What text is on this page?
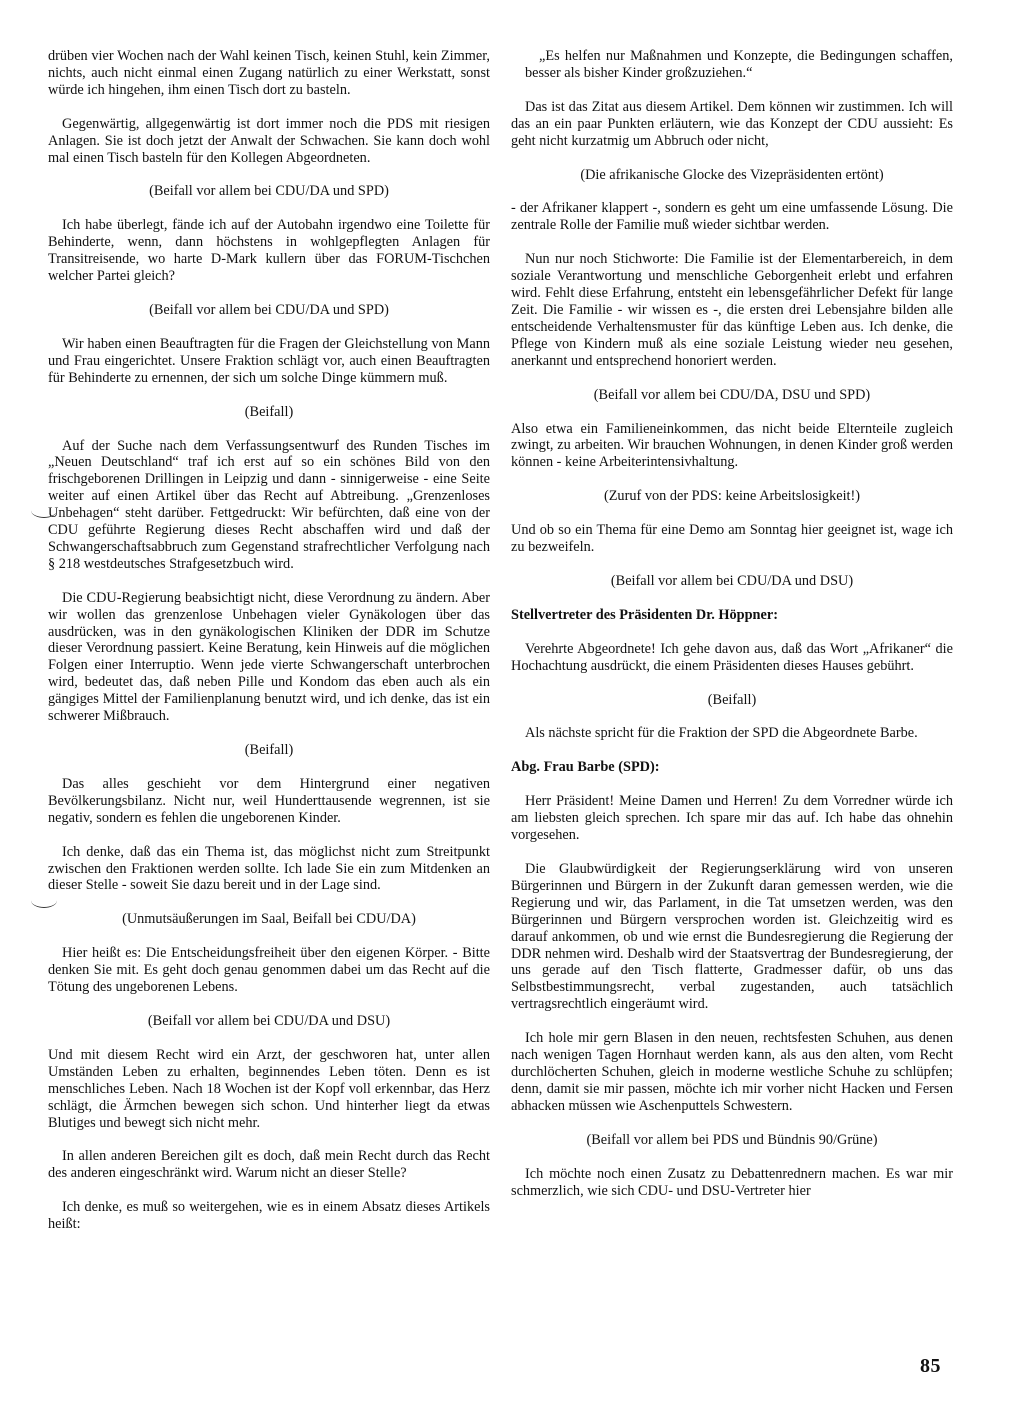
drüben vier Wochen nach der Wahl keinen Tisch, keinen Stuhl, kein Zimmer, nichts, auch nicht einmal einen Zugang natürlich zu einer Werkstatt, sonst würde ich hingehen, ihm einen Tisch dort zu basteln.

Gegenwärtig, allgegenwärtig ist dort immer noch die PDS mit riesigen Anlagen. Sie ist doch jetzt der Anwalt der Schwachen. Sie kann doch wohl mal einen Tisch basteln für den Kollegen Abgeordneten.

(Beifall vor allem bei CDU/DA und SPD)

Ich habe überlegt, fände ich auf der Autobahn irgendwo eine Toilette für Behinderte, wenn, dann höchstens in wohlgepflegten Anlagen für Transitreisende, wo harte D-Mark kullern über das FORUM-Tischchen welcher Partei gleich?

(Beifall vor allem bei CDU/DA und SPD)

Wir haben einen Beauftragten für die Fragen der Gleichstellung von Mann und Frau eingerichtet. Unsere Fraktion schlägt vor, auch einen Beauftragten für Behinderte zu ernennen, der sich um solche Dinge kümmern muß.

(Beifall)

Auf der Suche nach dem Verfassungsentwurf des Runden Tisches im „Neuen Deutschland“ traf ich erst auf so ein schönes Bild von den frischgeborenen Drillingen in Leipzig und dann - sinnigerweise - eine Seite weiter auf einen Artikel über das Recht auf Abtreibung. „Grenzenloses Unbehagen“ steht darüber. Fettgedruckt: Wir befürchten, daß eine von der CDU geführte Regierung dieses Recht abschaffen wird und daß der Schwangerschaftsabbruch zum Gegenstand strafrechtlicher Verfolgung nach § 218 westdeutsches Strafgesetzbuch wird.

Die CDU-Regierung beabsichtigt nicht, diese Verordnung zu ändern. Aber wir wollen das grenzenlose Unbehagen vieler Gynäkologen über das ausdrücken, was in den gynäkologischen Kliniken der DDR im Schutze dieser Verordnung passiert. Keine Beratung, kein Hinweis auf die möglichen Folgen einer Interruptio. Wenn jede vierte Schwangerschaft unterbrochen wird, bedeutet das, daß neben Pille und Kondom das eben auch als ein gängiges Mittel der Familienplanung benutzt wird, und ich denke, das ist ein schwerer Mißbrauch.

(Beifall)

Das alles geschieht vor dem Hintergrund einer negativen Bevölkerungsbilanz. Nicht nur, weil Hunderttausende wegrennen, ist sie negativ, sondern es fehlen die ungeborenen Kinder.

Ich denke, daß das ein Thema ist, das möglichst nicht zum Streitpunkt zwischen den Fraktionen werden sollte. Ich lade Sie ein zum Mitdenken an dieser Stelle - soweit Sie dazu bereit und in der Lage sind.

(Unmutsäußerungen im Saal, Beifall bei CDU/DA)

Hier heißt es: Die Entscheidungsfreiheit über den eigenen Körper. - Bitte denken Sie mit. Es geht doch genau genommen dabei um das Recht auf die Tötung des ungeborenen Lebens.

(Beifall vor allem bei CDU/DA und DSU)

Und mit diesem Recht wird ein Arzt, der geschworen hat, unter allen Umständen Leben zu erhalten, beginnendes Leben töten. Denn es ist menschliches Leben. Nach 18 Wochen ist der Kopf voll erkennbar, das Herz schlägt, die Ärmchen bewegen sich schon. Und hinterher liegt da etwas Blutiges und bewegt sich nicht mehr.

In allen anderen Bereichen gilt es doch, daß mein Recht durch das Recht des anderen eingeschränkt wird. Warum nicht an dieser Stelle?

Ich denke, es muß so weitergehen, wie es in einem Absatz dieses Artikels heißt:

„Es helfen nur Maßnahmen und Konzepte, die Bedingungen schaffen, besser als bisher Kinder großzuziehen.“

Das ist das Zitat aus diesem Artikel. Dem können wir zustimmen. Ich will das an ein paar Punkten erläutern, wie das Konzept der CDU aussieht: Es geht nicht kurzatmig um Abbruch oder nicht,

(Die afrikanische Glocke des Vizepräsidenten ertönt)

- der Afrikaner klappert -, sondern es geht um eine umfassende Lösung. Die zentrale Rolle der Familie muß wieder sichtbar werden.

Nun nur noch Stichworte: Die Familie ist der Elementarbereich, in dem soziale Verantwortung und menschliche Geborgenheit erlebt und erfahren wird. Fehlt diese Erfahrung, entsteht ein lebensgefährlicher Defekt für lange Zeit. Die Familie - wir wissen es -, die ersten drei Lebensjahre bilden alle entscheidende Verhaltensmuster für das künftige Leben aus. Ich denke, die Pflege von Kindern muß als eine soziale Leistung wieder neu gesehen, anerkannt und entsprechend honoriert werden.

(Beifall vor allem bei CDU/DA, DSU und SPD)

Also etwa ein Familieneinkommen, das nicht beide Elternteile zugleich zwingt, zu arbeiten. Wir brauchen Wohnungen, in denen Kinder groß werden können - keine Arbeiterintensivhaltung.

(Zuruf von der PDS: keine Arbeitslosigkeit!)

Und ob so ein Thema für eine Demo am Sonntag hier geeignet ist, wage ich zu bezweifeln.

(Beifall vor allem bei CDU/DA und DSU)

Stellvertreter des Präsidenten Dr. Höppner:

Verehrte Abgeordnete! Ich gehe davon aus, daß das Wort „Afrikaner“ die Hochachtung ausdrückt, die einem Präsidenten dieses Hauses gebührt.

(Beifall)

Als nächste spricht für die Fraktion der SPD die Abgeordnete Barbe.

Abg. Frau Barbe (SPD):

Herr Präsident! Meine Damen und Herren! Zu dem Vorredner würde ich am liebsten gleich sprechen. Ich spare mir das auf. Ich habe das ohnehin vorgesehen.

Die Glaubwürdigkeit der Regierungserklärung wird von unseren Bürgerinnen und Bürgern in der Zukunft daran gemessen werden, wie die Regierung und wir, das Parlament, in die Tat umsetzen werden, was den Bürgerinnen und Bürgern versprochen worden ist. Gleichzeitig wird es darauf ankommen, ob und wie ernst die Bundesregierung die Regierung der DDR nehmen wird. Deshalb wird der Staatsvertrag der Bundesregierung, der uns gerade auf den Tisch flatterte, Gradmesser dafür, ob uns das Selbstbestimmungsrecht, verbal zugestanden, auch tatsächlich vertragsrechtlich eingeräumt wird.

Ich hole mir gern Blasen in den neuen, rechtsfesten Schuhen, aus denen nach wenigen Tagen Hornhaut werden kann, als aus den alten, vom Recht durchlöcherten Schuhen, gleich in moderne westliche Schuhe zu schlüpfen; denn, damit sie mir passen, möchte ich mir vorher nicht Hacken und Fersen abhacken müssen wie Aschenputtels Schwestern.

(Beifall vor allem bei PDS und Bündnis 90/Grüne)

Ich möchte noch einen Zusatz zu Debattenrednern machen. Es war mir schmerzlich, wie sich CDU- und DSU-Vertreter hier

85
